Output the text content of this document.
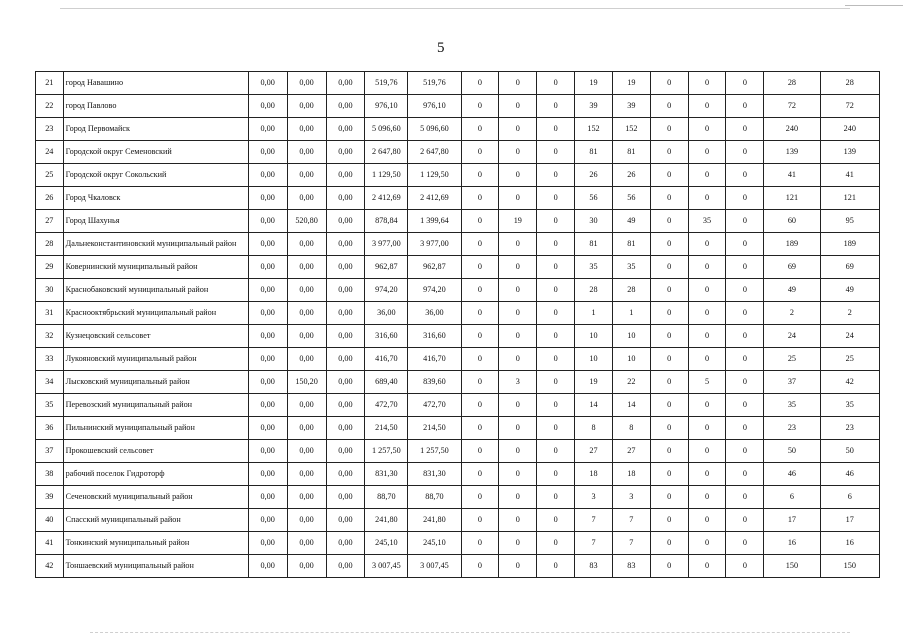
5
21	город Навашино	0,00	0,00	0,00	519,76	519,76	0	0	0	19	19	0	0	0	28	28
22	город Павлово	0,00	0,00	0,00	976,10	976,10	0	0	0	39	39	0	0	0	72	72
23	Город Первомайск	0,00	0,00	0,00	5 096,60	5 096,60	0	0	0	152	152	0	0	0	240	240
24	Городской округ Семеновский	0,00	0,00	0,00	2 647,80	2 647,80	0	0	0	81	81	0	0	0	139	139
25	Городской округ Сокольский	0,00	0,00	0,00	1 129,50	1 129,50	0	0	0	26	26	0	0	0	41	41
26	Город Чкаловск	0,00	0,00	0,00	2 412,69	2 412,69	0	0	0	56	56	0	0	0	121	121
27	Город Шахунья	0,00	520,80	0,00	878,84	1 399,64	0	19	0	30	49	0	35	0	60	95
28	Дальнеконстантиновский муниципальный район	0,00	0,00	0,00	3 977,00	3 977,00	0	0	0	81	81	0	0	0	189	189
29	Ковернинский муниципальный район	0,00	0,00	0,00	962,87	962,87	0	0	0	35	35	0	0	0	69	69
30	Краснобаковский муниципальный район	0,00	0,00	0,00	974,20	974,20	0	0	0	28	28	0	0	0	49	49
31	Краснооктябрьский муниципальный район	0,00	0,00	0,00	36,00	36,00	0	0	0	1	1	0	0	0	2	2
32	Кузнецовский сельсовет	0,00	0,00	0,00	316,60	316,60	0	0	0	10	10	0	0	0	24	24
33	Лукояновский муниципальный район	0,00	0,00	0,00	416,70	416,70	0	0	0	10	10	0	0	0	25	25
34	Лысковский муниципальный район	0,00	150,20	0,00	689,40	839,60	0	3	0	19	22	0	5	0	37	42
35	Перевозский муниципальный район	0,00	0,00	0,00	472,70	472,70	0	0	0	14	14	0	0	0	35	35
36	Пильнинский муниципальный район	0,00	0,00	0,00	214,50	214,50	0	0	0	8	8	0	0	0	23	23
37	Прокошевский сельсовет	0,00	0,00	0,00	1 257,50	1 257,50	0	0	0	27	27	0	0	0	50	50
38	рабочий поселок Гидроторф	0,00	0,00	0,00	831,30	831,30	0	0	0	18	18	0	0	0	46	46
39	Сеченовский муниципальный район	0,00	0,00	0,00	88,70	88,70	0	0	0	3	3	0	0	0	6	6
40	Спасский муниципальный район	0,00	0,00	0,00	241,80	241,80	0	0	0	7	7	0	0	0	17	17
41	Тонкинский муниципальный район	0,00	0,00	0,00	245,10	245,10	0	0	0	7	7	0	0	0	16	16
42	Тоншаевский муниципальный район	0,00	0,00	0,00	3 007,45	3 007,45	0	0	0	83	83	0	0	0	150	150
